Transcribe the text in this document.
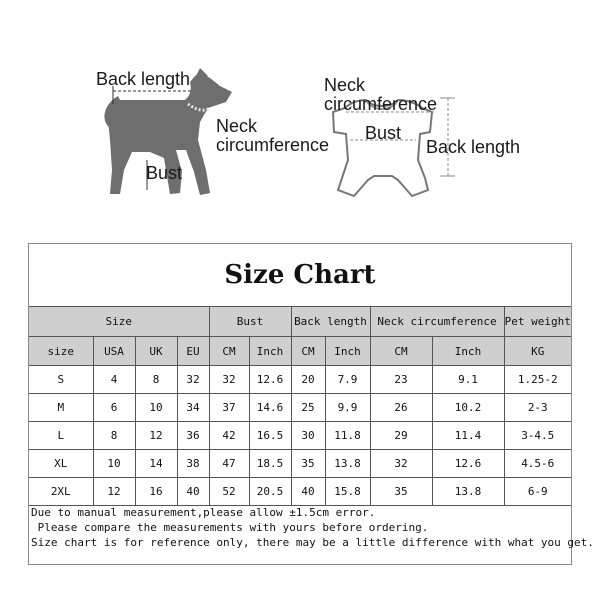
Back length
Neck
circumference
Bust
Neck
circumference
Bust
Back length
Size Chart
Size				Bust		Back length		Neck circumference		Pet weight
size	USA	UK	EU	CM	Inch	CM	Inch	CM	Inch	KG
S	4	8	32	32	12.6	20	7.9	23	9.1	1.25-2
M	6	10	34	37	14.6	25	9.9	26	10.2	2-3
L	8	12	36	42	16.5	30	11.8	29	11.4	3-4.5
XL	10	14	38	47	18.5	35	13.8	32	12.6	4.5-6
2XL	12	16	40	52	20.5	40	15.8	35	13.8	6-9
Due to manual measurement,please allow ±1.5cm error.
Please compare the measurements with yours before ordering.
Size chart is for reference only, there may be a little difference with what you get.
